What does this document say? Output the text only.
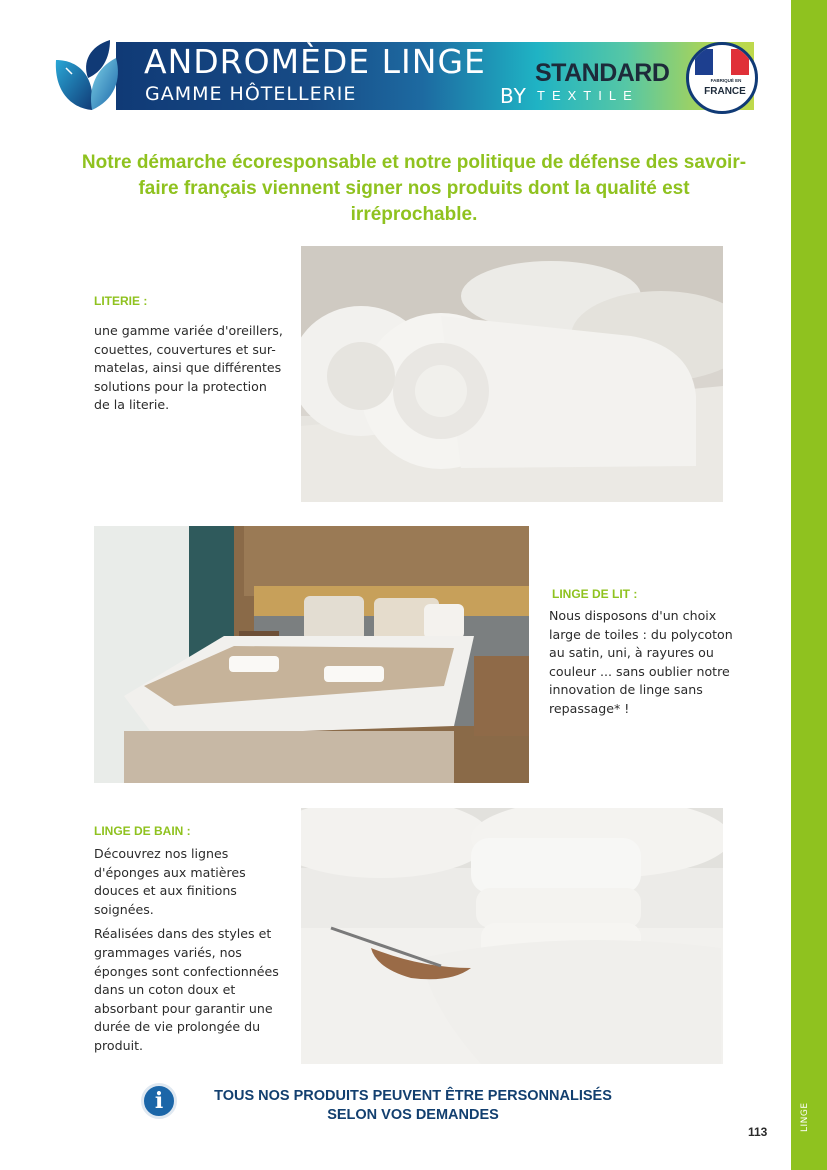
LINGE
ANDROMÈDE LINGE
GAMME HÔTELLERIE	BY
STANDARD
TEXTILE
FABRIQUÉ EN
FRANCE
Notre démarche écoresponsable et notre politique de défense des savoir-faire français viennent signer nos produits dont la qualité est irréprochable.
LITERIE :

une gamme variée d'oreillers, couettes, couvertures et sur-matelas, ainsi que différentes solutions pour la protection de la literie.

LINGE DE LIT :

Nous disposons d'un choix large de toiles : du polycoton au satin, uni, à rayures ou couleur ... sans oublier notre innovation de linge sans repassage* !

LINGE DE BAIN :

Découvrez nos lignes d'éponges aux matières douces et aux finitions soignées.

Réalisées dans des styles et grammages variés, nos éponges sont confectionnées dans un coton doux et absorbant pour garantir une durée de vie prolongée du produit.

i	TOUS NOS PRODUITS PEUVENT ÊTRE PERSONNALISÉS
SELON VOS DEMANDES
113
